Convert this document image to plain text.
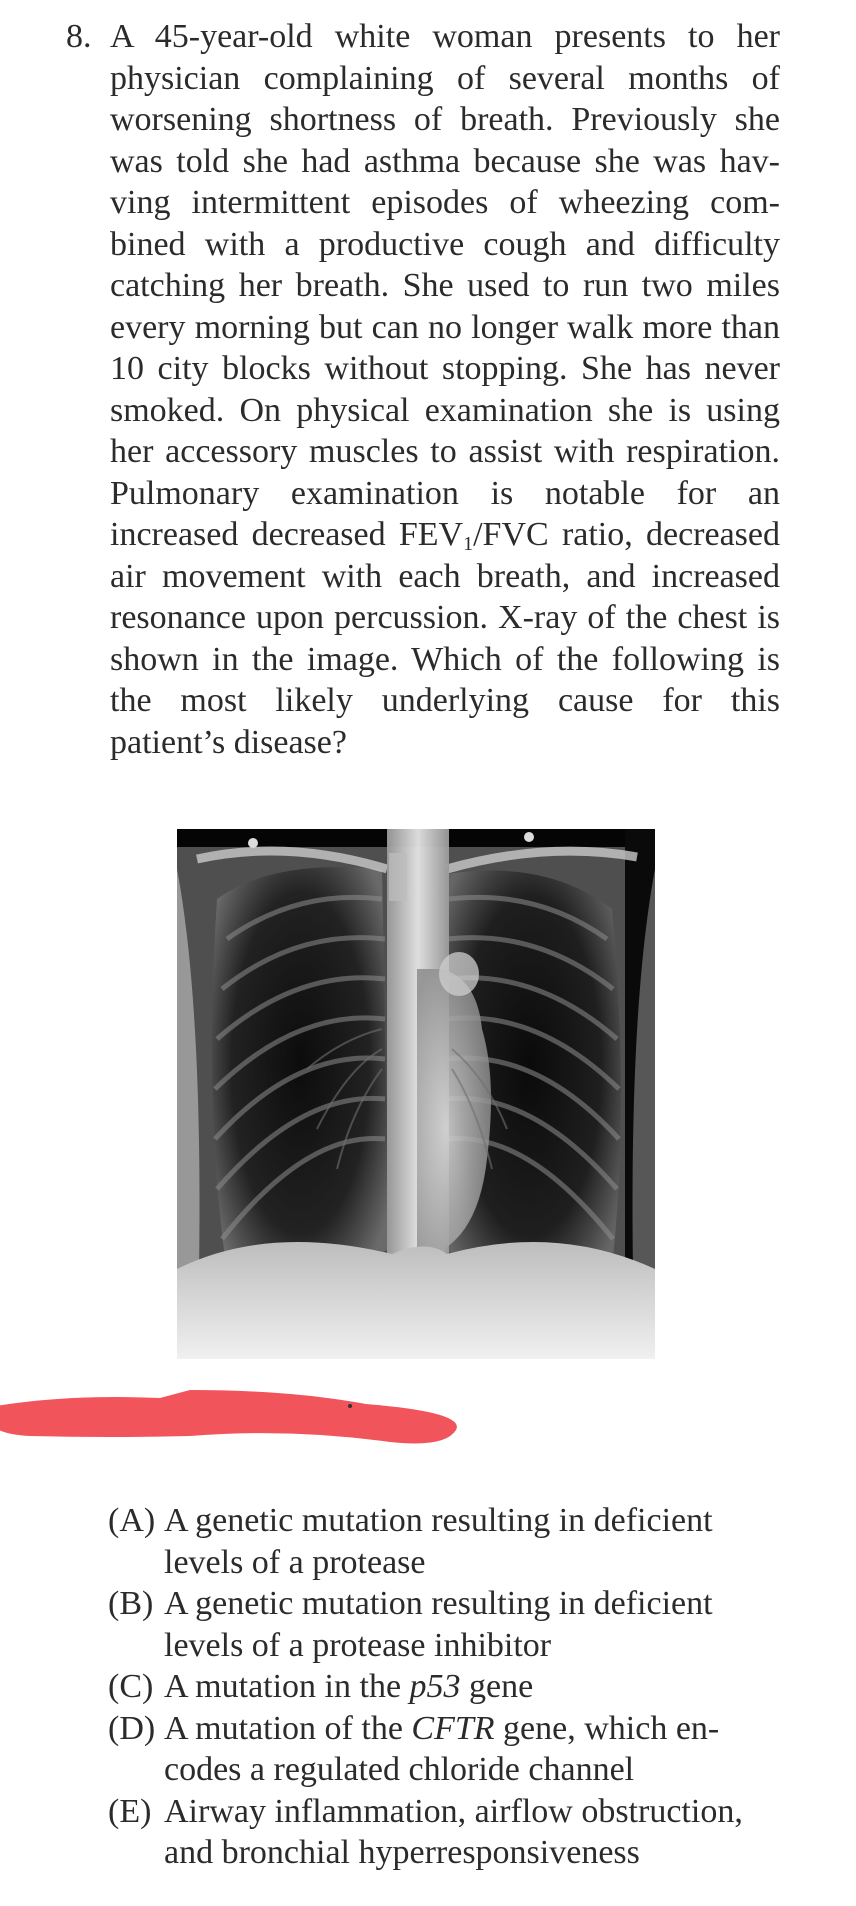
8. A 45-year-old white woman presents to her physician complaining of several months of worsening shortness of breath. Previously she was told she had asthma because she was havving intermittent episodes of wheezing combined with a productive cough and difficulty catching her breath. She used to run two miles every morning but can no longer walk more than 10 city blocks without stopping. She has never smoked. On physical examination she is using her accessory muscles to assist with respiration. Pulmonary examination is notable for an increased decreased $FEV_1$/FVC ratio, decreased air movement with each breath, and increased resonance upon percussion. X-ray of the chest is shown in the image. Which of the following is the most likely underlying cause for this patient’s disease?
(A) A genetic mutation resulting in deficient levels of a protease
(B) A genetic mutation resulting in deficient levels of a protease inhibitor
(C) A mutation in the p53 gene
(D) A mutation of the CFTR gene, which encodes a regulated chloride channel
(E) Airway inflammation, airflow obstruction, and bronchial hyperresponsiveness
